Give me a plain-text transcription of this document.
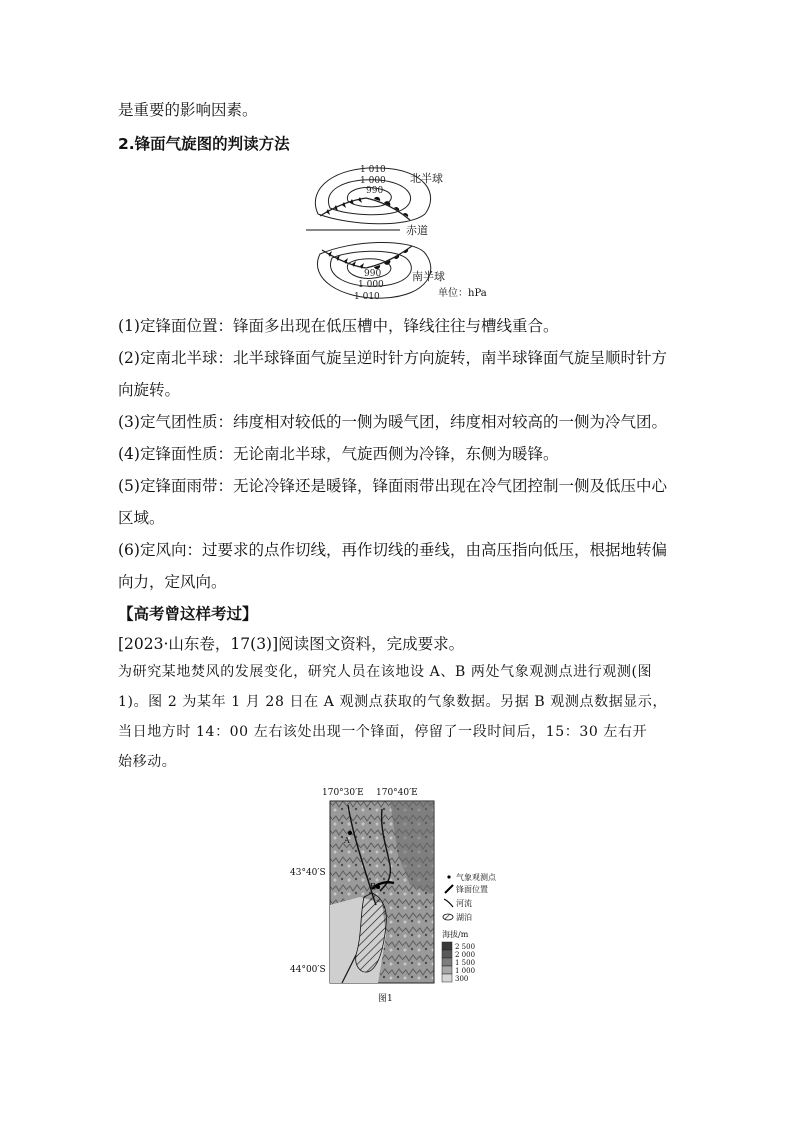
是重要的影响因素。
2.锋面气旋图的判读方法
1 010
1 000
990
北半球
赤道
990
1 000
1 010
南半球
单位：hPa
(1)定锋面位置：锋面多出现在低压槽中，锋线往往与槽线重合。
(2)定南北半球：北半球锋面气旋呈逆时针方向旋转，南半球锋面气旋呈顺时针方
向旋转。
(3)定气团性质：纬度相对较低的一侧为暖气团，纬度相对较高的一侧为冷气团。
(4)定锋面性质：无论南北半球，气旋西侧为冷锋，东侧为暖锋。
(5)定锋面雨带：无论冷锋还是暖锋，锋面雨带出现在冷气团控制一侧及低压中心
区域。
(6)定风向：过要求的点作切线，再作切线的垂线，由高压指向低压，根据地转偏
向力，定风向。
【高考曾这样考过】
[2023·山东卷，17(3)]阅读图文资料，完成要求。
为研究某地焚风的发展变化，研究人员在该地设 A、B 两处气象观测点进行观测(图
1)。图 2 为某年 1 月 28 日在 A 观测点获取的气象数据。另据 B 观测点数据显示，
当日地方时 14：00 左右该处出现一个锋面，停留了一段时间后，15：30 左右开
始移动。
170°30′E 170°40′E
A
B
43°40′S
44°00′S
气象观测点
锋面位置
河流
湖泊
海拔/m
2 500
2 000
1 500
1 000
300
图1
